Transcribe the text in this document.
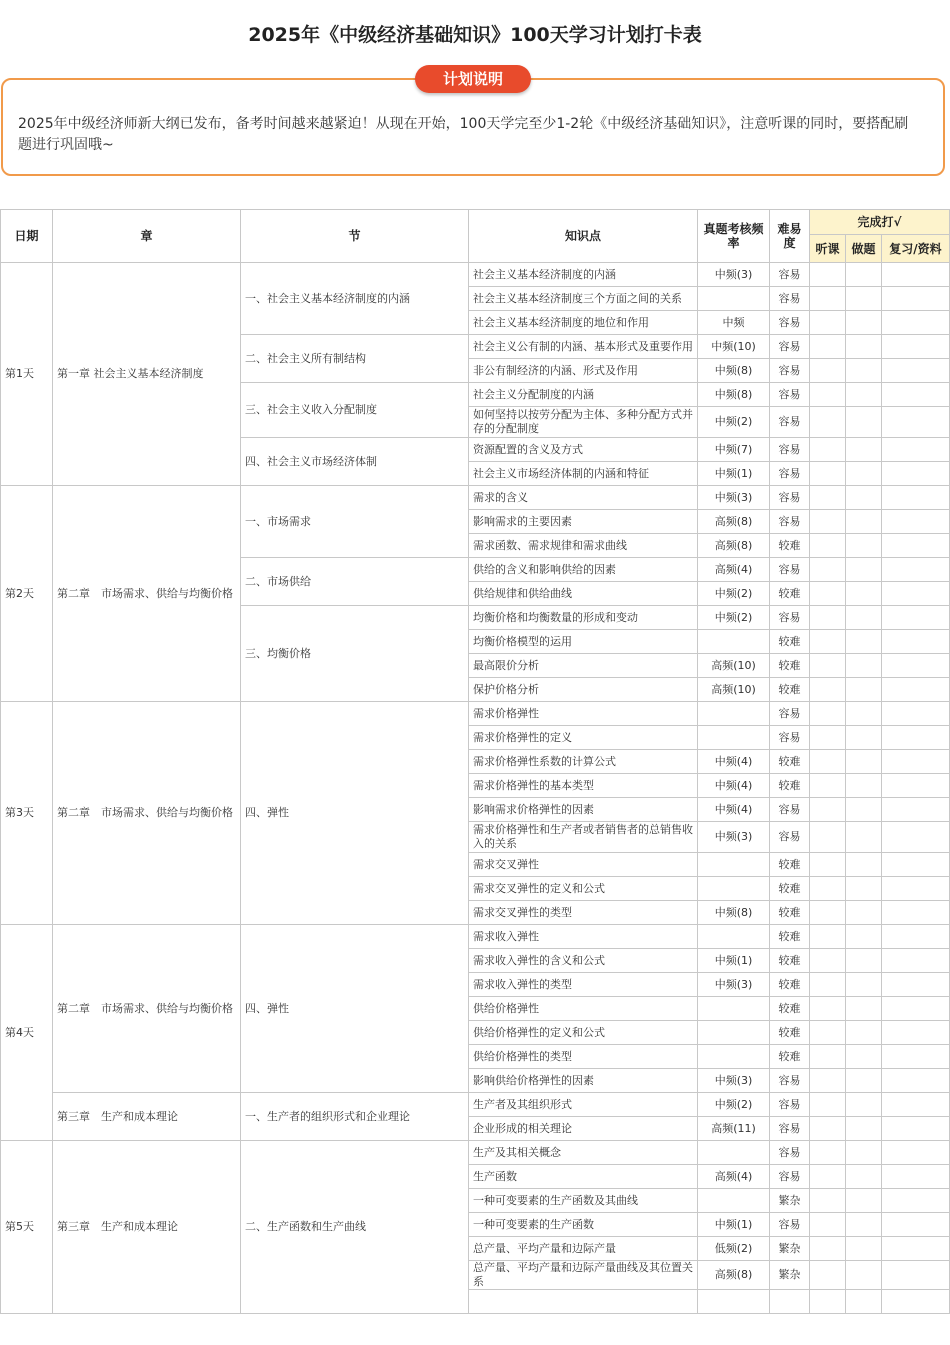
2025年《中级经济基础知识》100天学习计划打卡表
计划说明
2025年中级经济师新大纲已发布，备考时间越来越紧迫！从现在开始，100天学完至少1-2轮《中级经济基础知识》，注意听课的同时，要搭配刷题进行巩固哦~
日期	章	节	知识点	真题考核频率	难易度	完成打√		
						听课	做题	复习/资料
第1天	第一章 社会主义基本经济制度	一、社会主义基本经济制度的内涵	社会主义基本经济制度的内涵	中频(3)	容易			
			社会主义基本经济制度三个方面之间的关系		容易			
			社会主义基本经济制度的地位和作用	中频	容易			
		二、社会主义所有制结构	社会主义公有制的内涵、基本形式及重要作用	中频(10)	容易			
			非公有制经济的内涵、形式及作用	中频(8)	容易			
		三、社会主义收入分配制度	社会主义分配制度的内涵	中频(8)	容易			
			如何坚持以按劳分配为主体、多种分配方式并存的分配制度	中频(2)	容易			
		四、社会主义市场经济体制	资源配置的含义及方式	中频(7)	容易			
			社会主义市场经济体制的内涵和特征	中频(1)	容易			
第2天	第二章　市场需求、供给与均衡价格	一、市场需求	需求的含义	中频(3)	容易			
			影响需求的主要因素	高频(8)	容易			
			需求函数、需求规律和需求曲线	高频(8)	较难			
		二、市场供给	供给的含义和影响供给的因素	高频(4)	容易			
			供给规律和供给曲线	中频(2)	较难			
		三、均衡价格	均衡价格和均衡数量的形成和变动	中频(2)	容易			
			均衡价格模型的运用		较难			
			最高限价分析	高频(10)	较难			
			保护价格分析	高频(10)	较难			
第3天	第二章　市场需求、供给与均衡价格	四、弹性	需求价格弹性		容易			
			需求价格弹性的定义		容易			
			需求价格弹性系数的计算公式	中频(4)	较难			
			需求价格弹性的基本类型	中频(4)	较难			
			影响需求价格弹性的因素	中频(4)	容易			
			需求价格弹性和生产者或者销售者的总销售收入的关系	中频(3)	容易			
			需求交叉弹性		较难			
			需求交叉弹性的定义和公式		较难			
			需求交叉弹性的类型	中频(8)	较难			
第4天	第二章　市场需求、供给与均衡价格	四、弹性	需求收入弹性		较难			
			需求收入弹性的含义和公式	中频(1)	较难			
			需求收入弹性的类型	中频(3)	较难			
			供给价格弹性		较难			
			供给价格弹性的定义和公式		较难			
			供给价格弹性的类型		较难			
			影响供给价格弹性的因素	中频(3)	容易			
	第三章　生产和成本理论	一、生产者的组织形式和企业理论	生产者及其组织形式	中频(2)	容易			
			企业形成的相关理论	高频(11)	容易			
第5天	第三章　生产和成本理论	二、生产函数和生产曲线	生产及其相关概念		容易			
			生产函数	高频(4)	容易			
			一种可变要素的生产函数及其曲线		繁杂			
			一种可变要素的生产函数	中频(1)	容易			
			总产量、平均产量和边际产量	低频(2)	繁杂			
			总产量、平均产量和边际产量曲线及其位置关系	高频(8)	繁杂			
